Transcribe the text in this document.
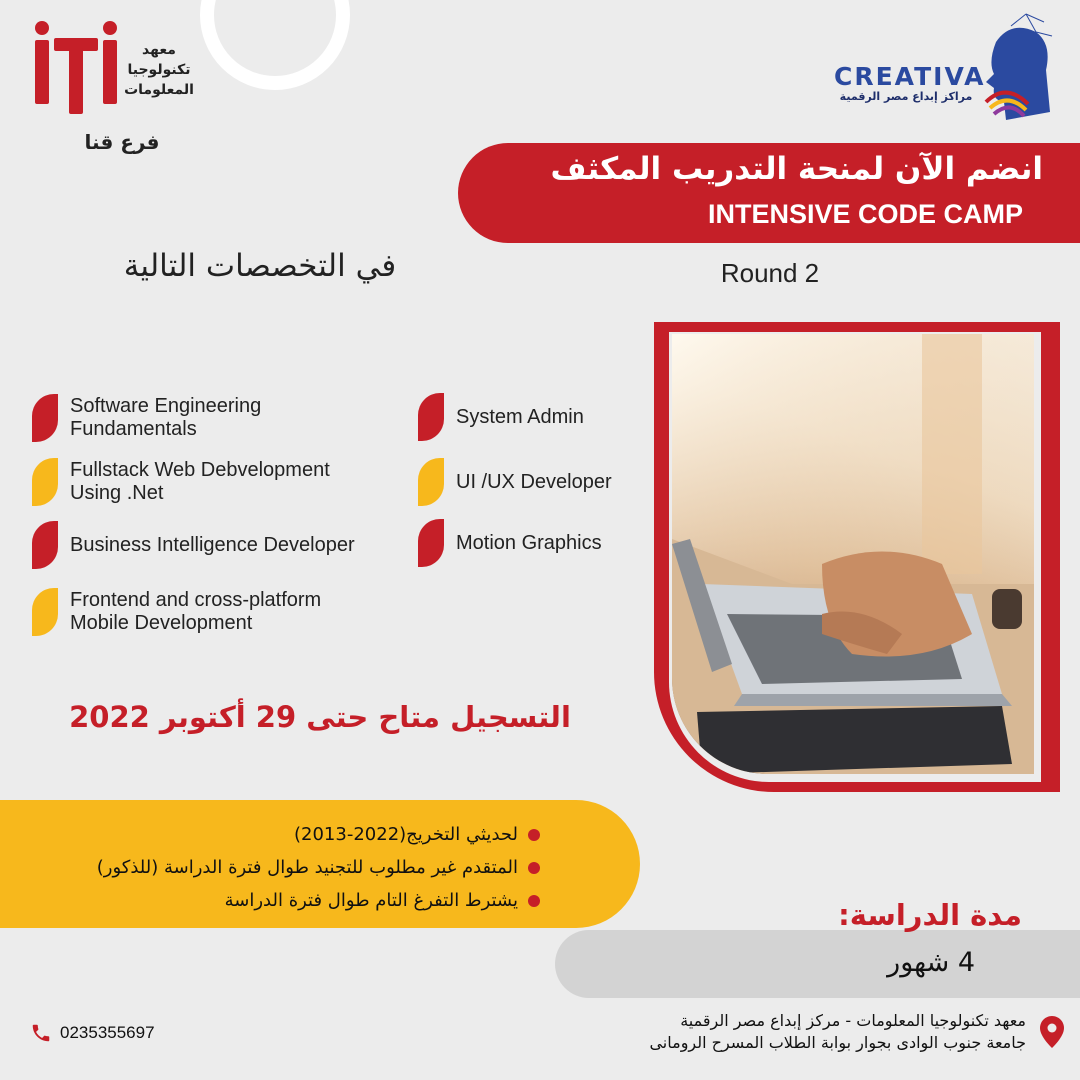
معهد
تكنولوجيا
المعلومات
فرع قنا
CREATIVA
مراكز إبداع مصر الرقمية
انضم الآن لمنحة التدريب المكثف
INTENSIVE CODE CAMP
Round 2
في التخصصات التالية
Software Engineering
Fundamentals
System Admin
Fullstack Web Debvelopment
Using .Net
UI /UX Developer
Business Intelligence Developer	Motion Graphics
Frontend and cross-platform
Mobile Development
التسجيل متاح حتى 29 أكتوبر 2022
لحديثي التخريج(2022-2013)
المتقدم غير مطلوب للتجنيد طوال فترة الدراسة (للذكور)
يشترط التفرغ التام طوال فترة الدراسة	مدة الدراسة:
4 شهور
0235355697
معهد تكنولوجيا المعلومات - مركز إبداع مصر الرقمية
جامعة جنوب الوادى بجوار بوابة الطلاب المسرح الرومانى
